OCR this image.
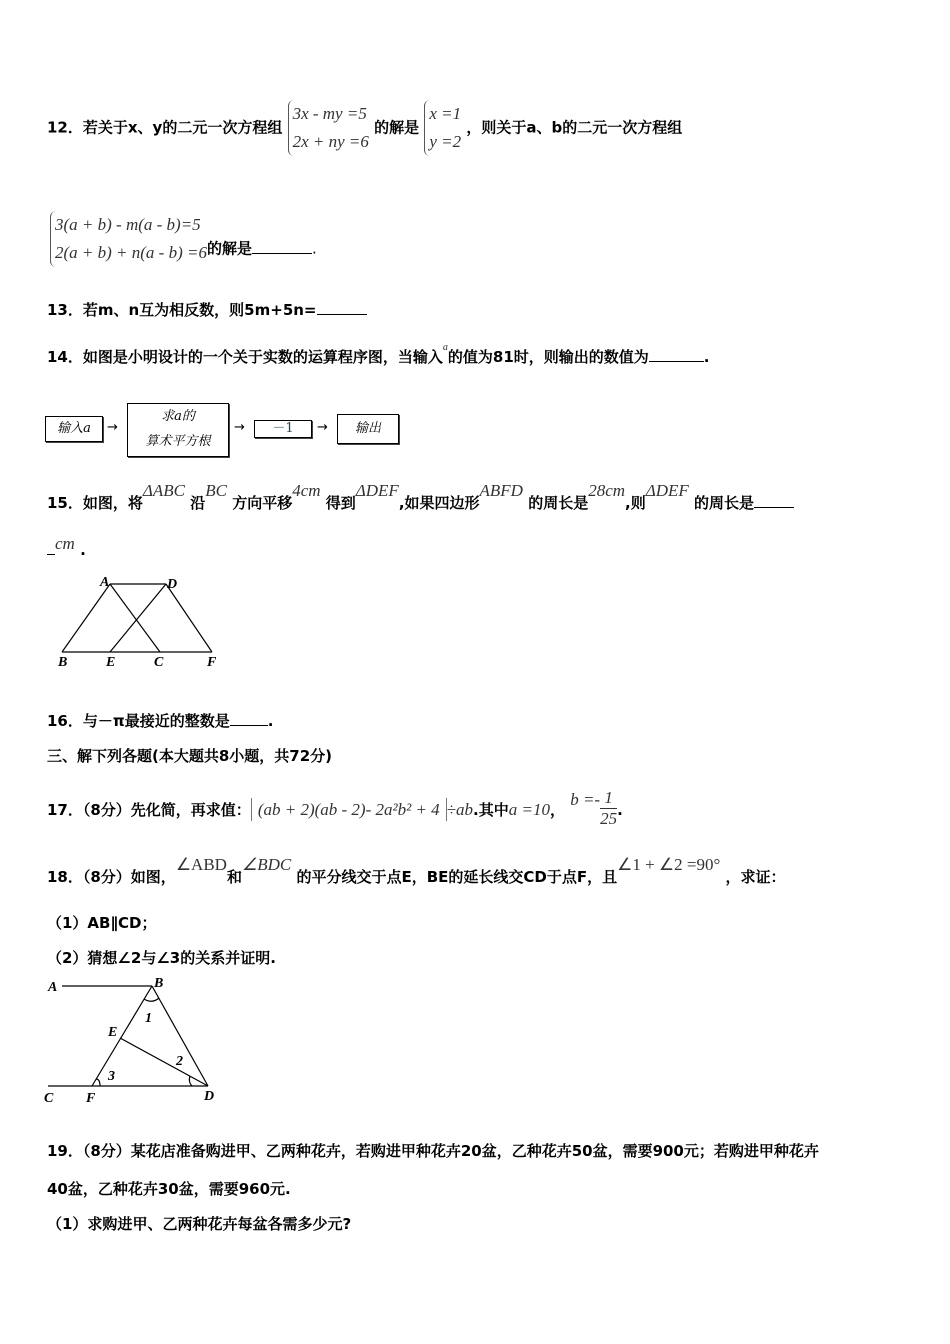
12．若关于x、y的二元一次方程组
3x - my =5
2x + ny =6
的解是
x =1
y =2
，则关于a、b的二元一次方程组
3(a + b) - m(a - b)=5
2(a + b) + n(a - b) =6 的解是	.
13．若m、n互为相反数，则5m+5n=
14．如图是小明设计的一个关于实数的运算程序图，当输入$^a$的值为81时，则输出的数值为	.
输入a	→
求a的
算术平方根
→	－1	→	输出
15．如图，将ΔABC 沿BC 方向平移4cm 得到ΔDEF,如果四边形ABFD 的周长是28cm,则ΔDEF 的周长是
cm .
A	D
B	E	C	F
16．与－π最接近的整数是	.
三、解下列各题(本大题共8小题，共72分)
17．（8分）先化简，再求值： (ab + 2)(ab - 2)- 2a²b² + 4 ÷ab.其中a =10， $b =- \frac{1}{25}$ .
18．（8分）如图，∠ABD和∠BDC 的平分线交于点E，BE的延长线交CD于点F，且∠1 + ∠2 =90° ，求证：
（1）AB∥CD；
（2）猜想∠2与∠3的关系并证明.
A	B
E
C F	D
1
2
3
19．（8分）某花店准备购进甲、乙两种花卉，若购进甲种花卉20盆，乙种花卉50盆，需要900元；若购进甲种花卉
40盆，乙种花卉30盆，需要960元.
（1）求购进甲、乙两种花卉每盆各需多少元?
